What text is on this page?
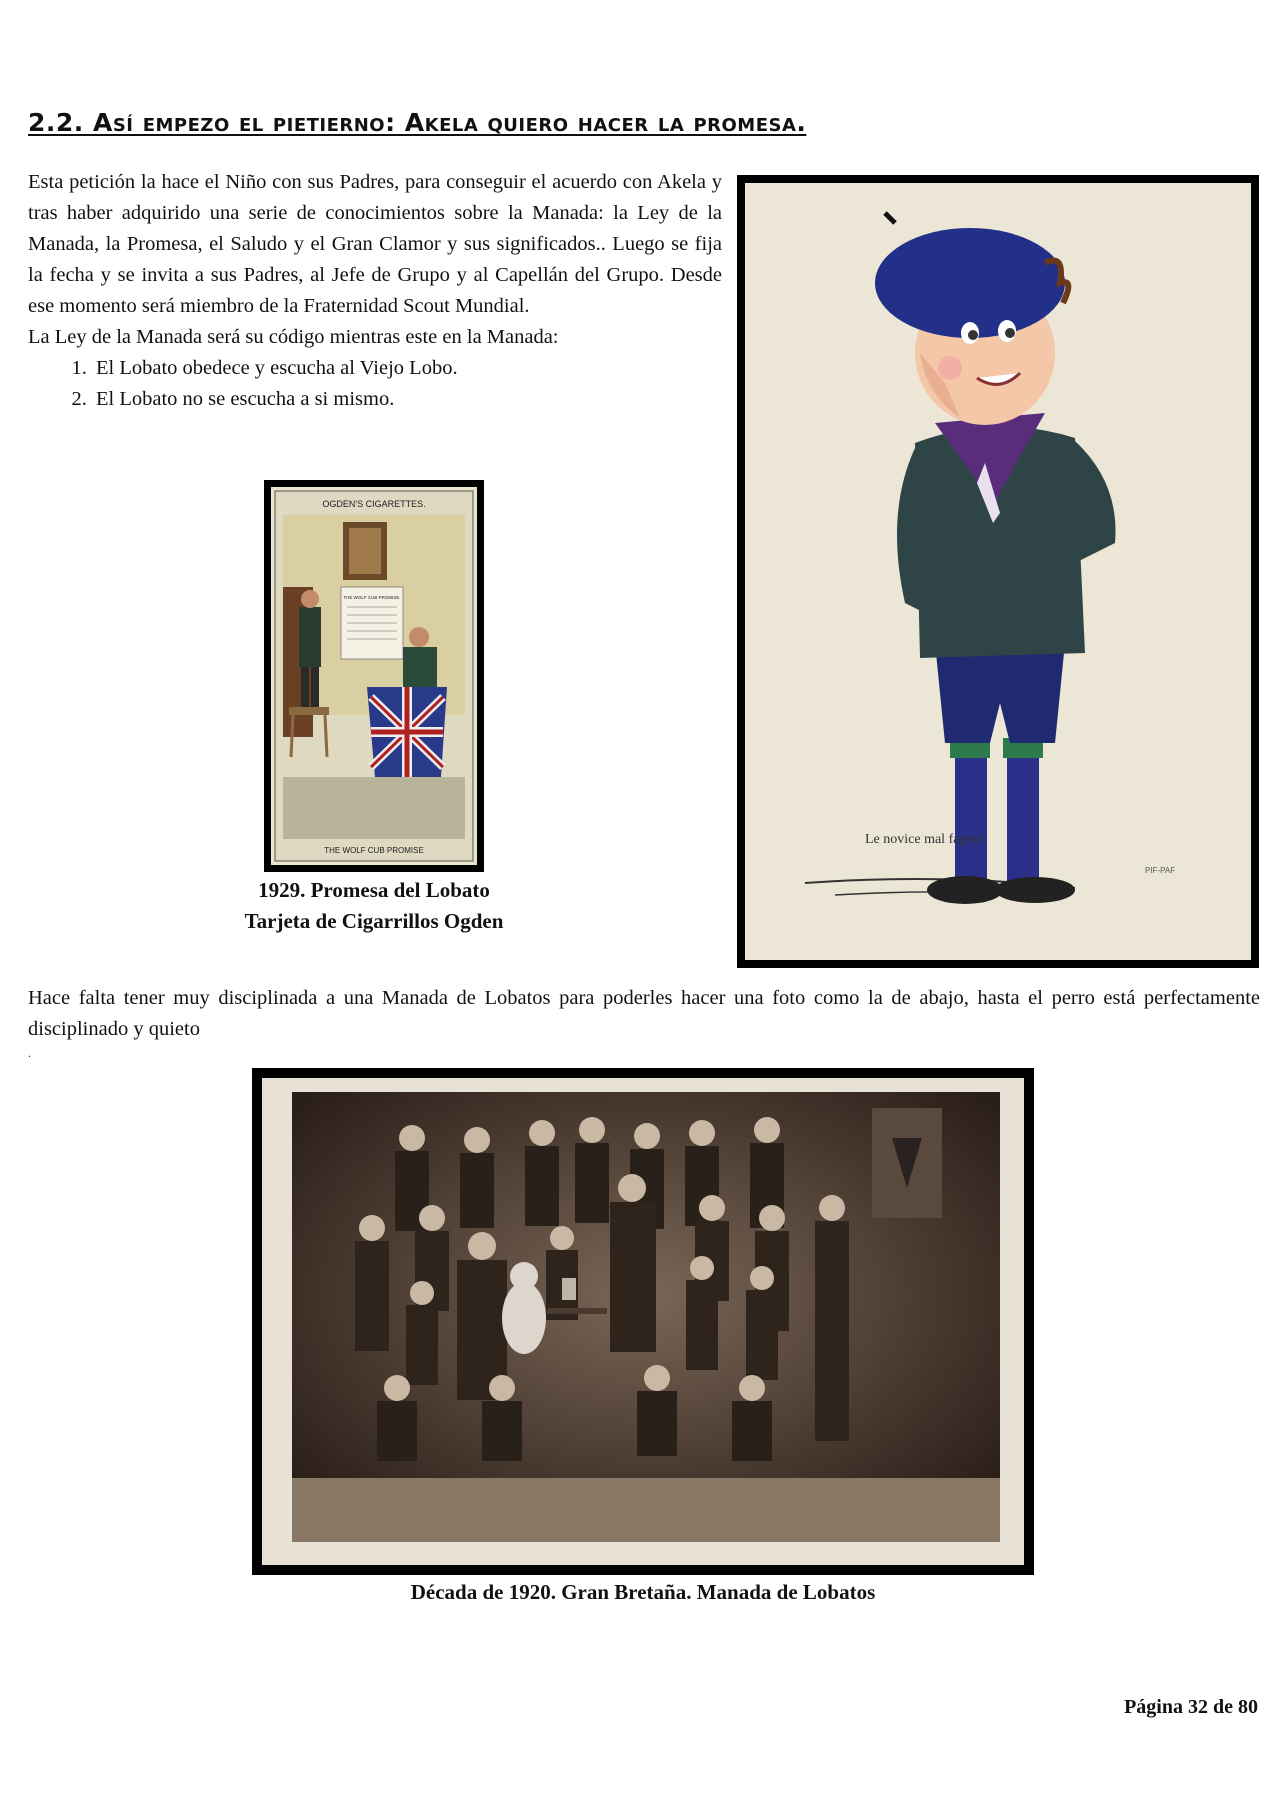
2.2. Así empezo el pietierno: Akela quiero hacer la promesa.

Esta petición la hace el Niño con sus Padres, para conseguir el acuerdo con Akela y tras haber adquirido una serie de conocimientos sobre la Manada: la Ley de la Manada, la Promesa, el Saludo y el Gran Clamor y sus significados.. Luego se fija la fecha y se invita a sus Padres, al Jefe de Grupo y al Capellán del Grupo. Desde ese momento será miembro de la Fraternidad Scout Mundial.

La Ley de la Manada será su código mientras este en la Manada:

1. El Lobato obedece y escucha al Viejo Lobo.
2. El Lobato no se escucha a si mismo.
Le novice mal fagoté
PIF-PAF
OGDEN'S CIGARETTES.
THE WOLF CUB PROMISE.
THE WOLF CUB PROMISE
1929. Promesa del Lobato
Tarjeta de Cigarrillos Ogden
Hace falta tener muy disciplinada a una Manada de Lobatos para poderles hacer una foto como la de abajo, hasta el perro está perfectamente disciplinado y quieto
.
Década de 1920. Gran Bretaña. Manada de Lobatos
Página 32 de 80
